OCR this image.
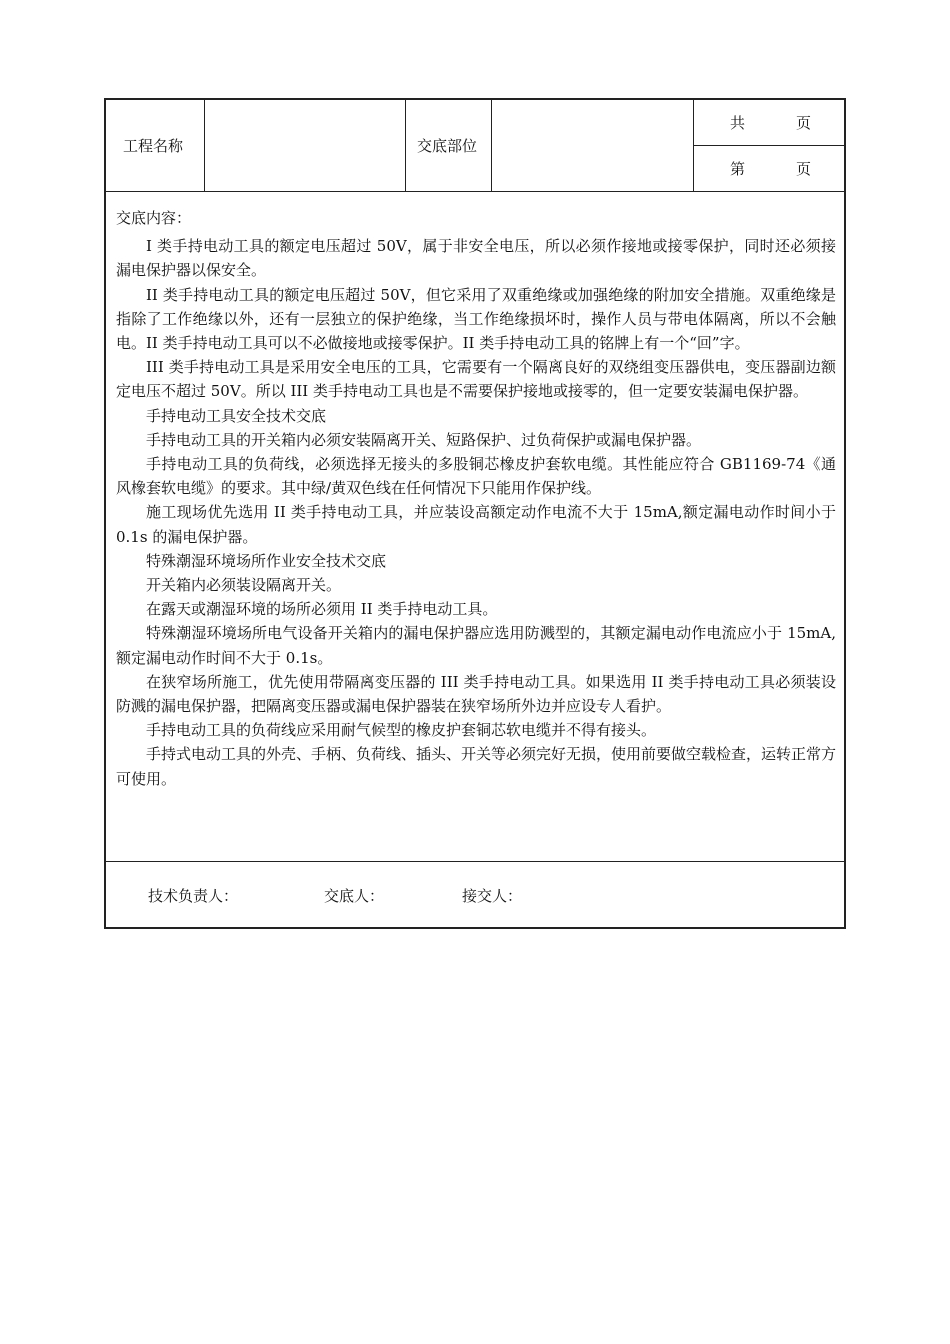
工程名称	交底部位
共	页
第	页
交底内容：

I 类手持电动工具的额定电压超过 50V，属于非安全电压，所以必须作接地或接零保护，同时还必须接漏电保护器以保安全。

II 类手持电动工具的额定电压超过 50V，但它采用了双重绝缘或加强绝缘的附加安全措施。双重绝缘是指除了工作绝缘以外，还有一层独立的保护绝缘，当工作绝缘损坏时，操作人员与带电体隔离，所以不会触电。II 类手持电动工具可以不必做接地或接零保护。II 类手持电动工具的铭牌上有一个“回”字。

III 类手持电动工具是采用安全电压的工具，它需要有一个隔离良好的双绕组变压器供电，变压器副边额定电压不超过 50V。所以 III 类手持电动工具也是不需要保护接地或接零的，但一定要安装漏电保护器。

手持电动工具安全技术交底

手持电动工具的开关箱内必须安装隔离开关、短路保护、过负荷保护或漏电保护器。

手持电动工具的负荷线，必须选择无接头的多股铜芯橡皮护套软电缆。其性能应符合 GB1169-74《通风橡套软电缆》的要求。其中绿/黄双色线在任何情况下只能用作保护线。

施工现场优先选用 II 类手持电动工具，并应装设高额定动作电流不大于 15mA,额定漏电动作时间小于 0.1s 的漏电保护器。

特殊潮湿环境场所作业安全技术交底

开关箱内必须装设隔离开关。

在露天或潮湿环境的场所必须用 II 类手持电动工具。

特殊潮湿环境场所电气设备开关箱内的漏电保护器应选用防溅型的，其额定漏电动作电流应小于 15mA,额定漏电动作时间不大于 0.1s。

在狭窄场所施工，优先使用带隔离变压器的 III 类手持电动工具。如果选用 II 类手持电动工具必须装设防溅的漏电保护器，把隔离变压器或漏电保护器装在狭窄场所外边并应设专人看护。

手持电动工具的负荷线应采用耐气候型的橡皮护套铜芯软电缆并不得有接头。

手持式电动工具的外壳、手柄、负荷线、插头、开关等必须完好无损，使用前要做空载检查，运转正常方可使用。

技术负责人：	交底人：	接交人：
